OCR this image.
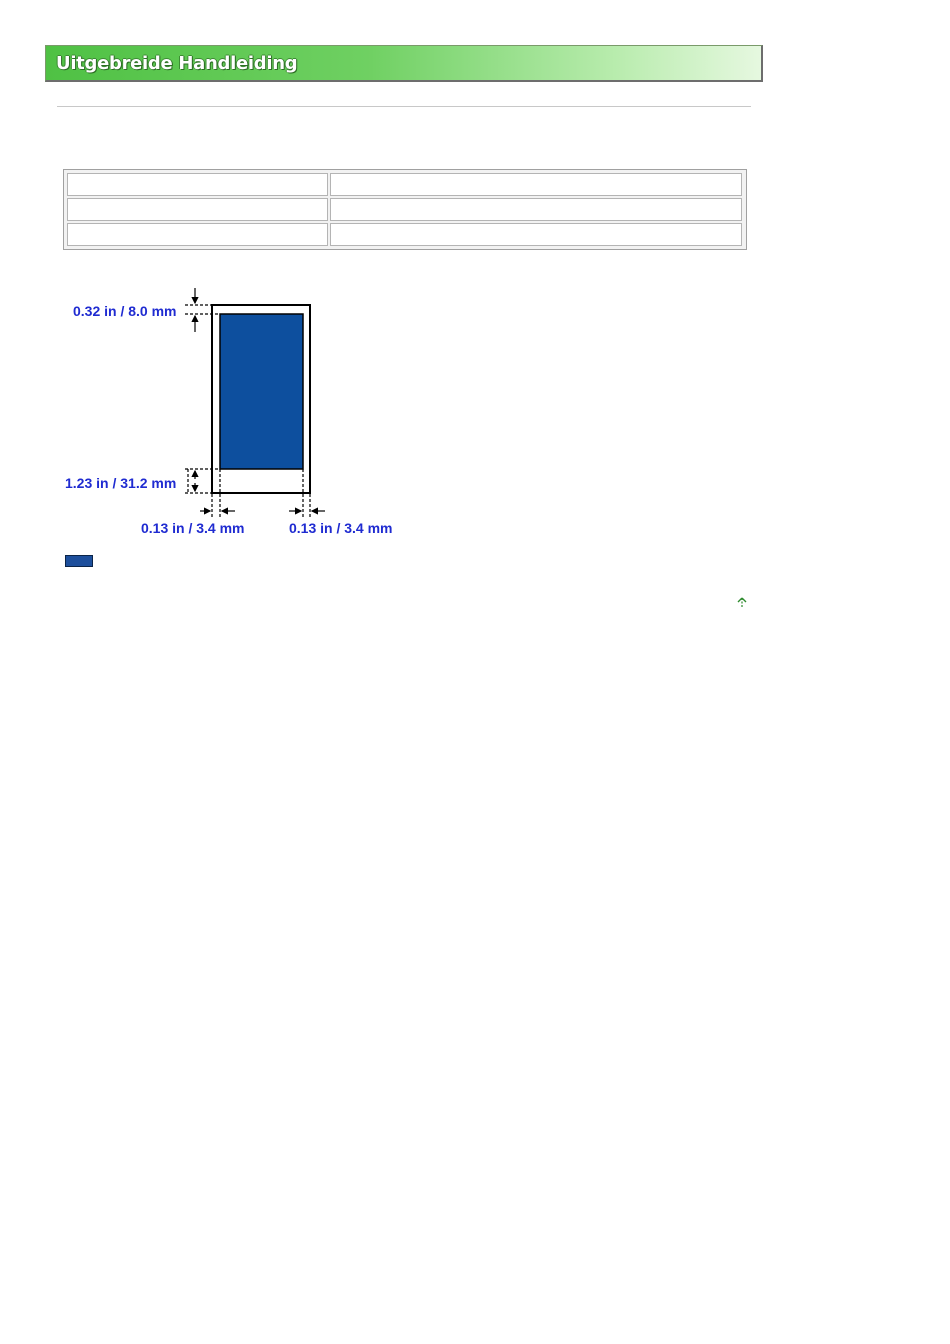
Uitgebreide Handleiding
0.32 in / 8.0 mm
1.23 in / 31.2 mm
0.13 in / 3.4 mm	0.13 in / 3.4 mm
